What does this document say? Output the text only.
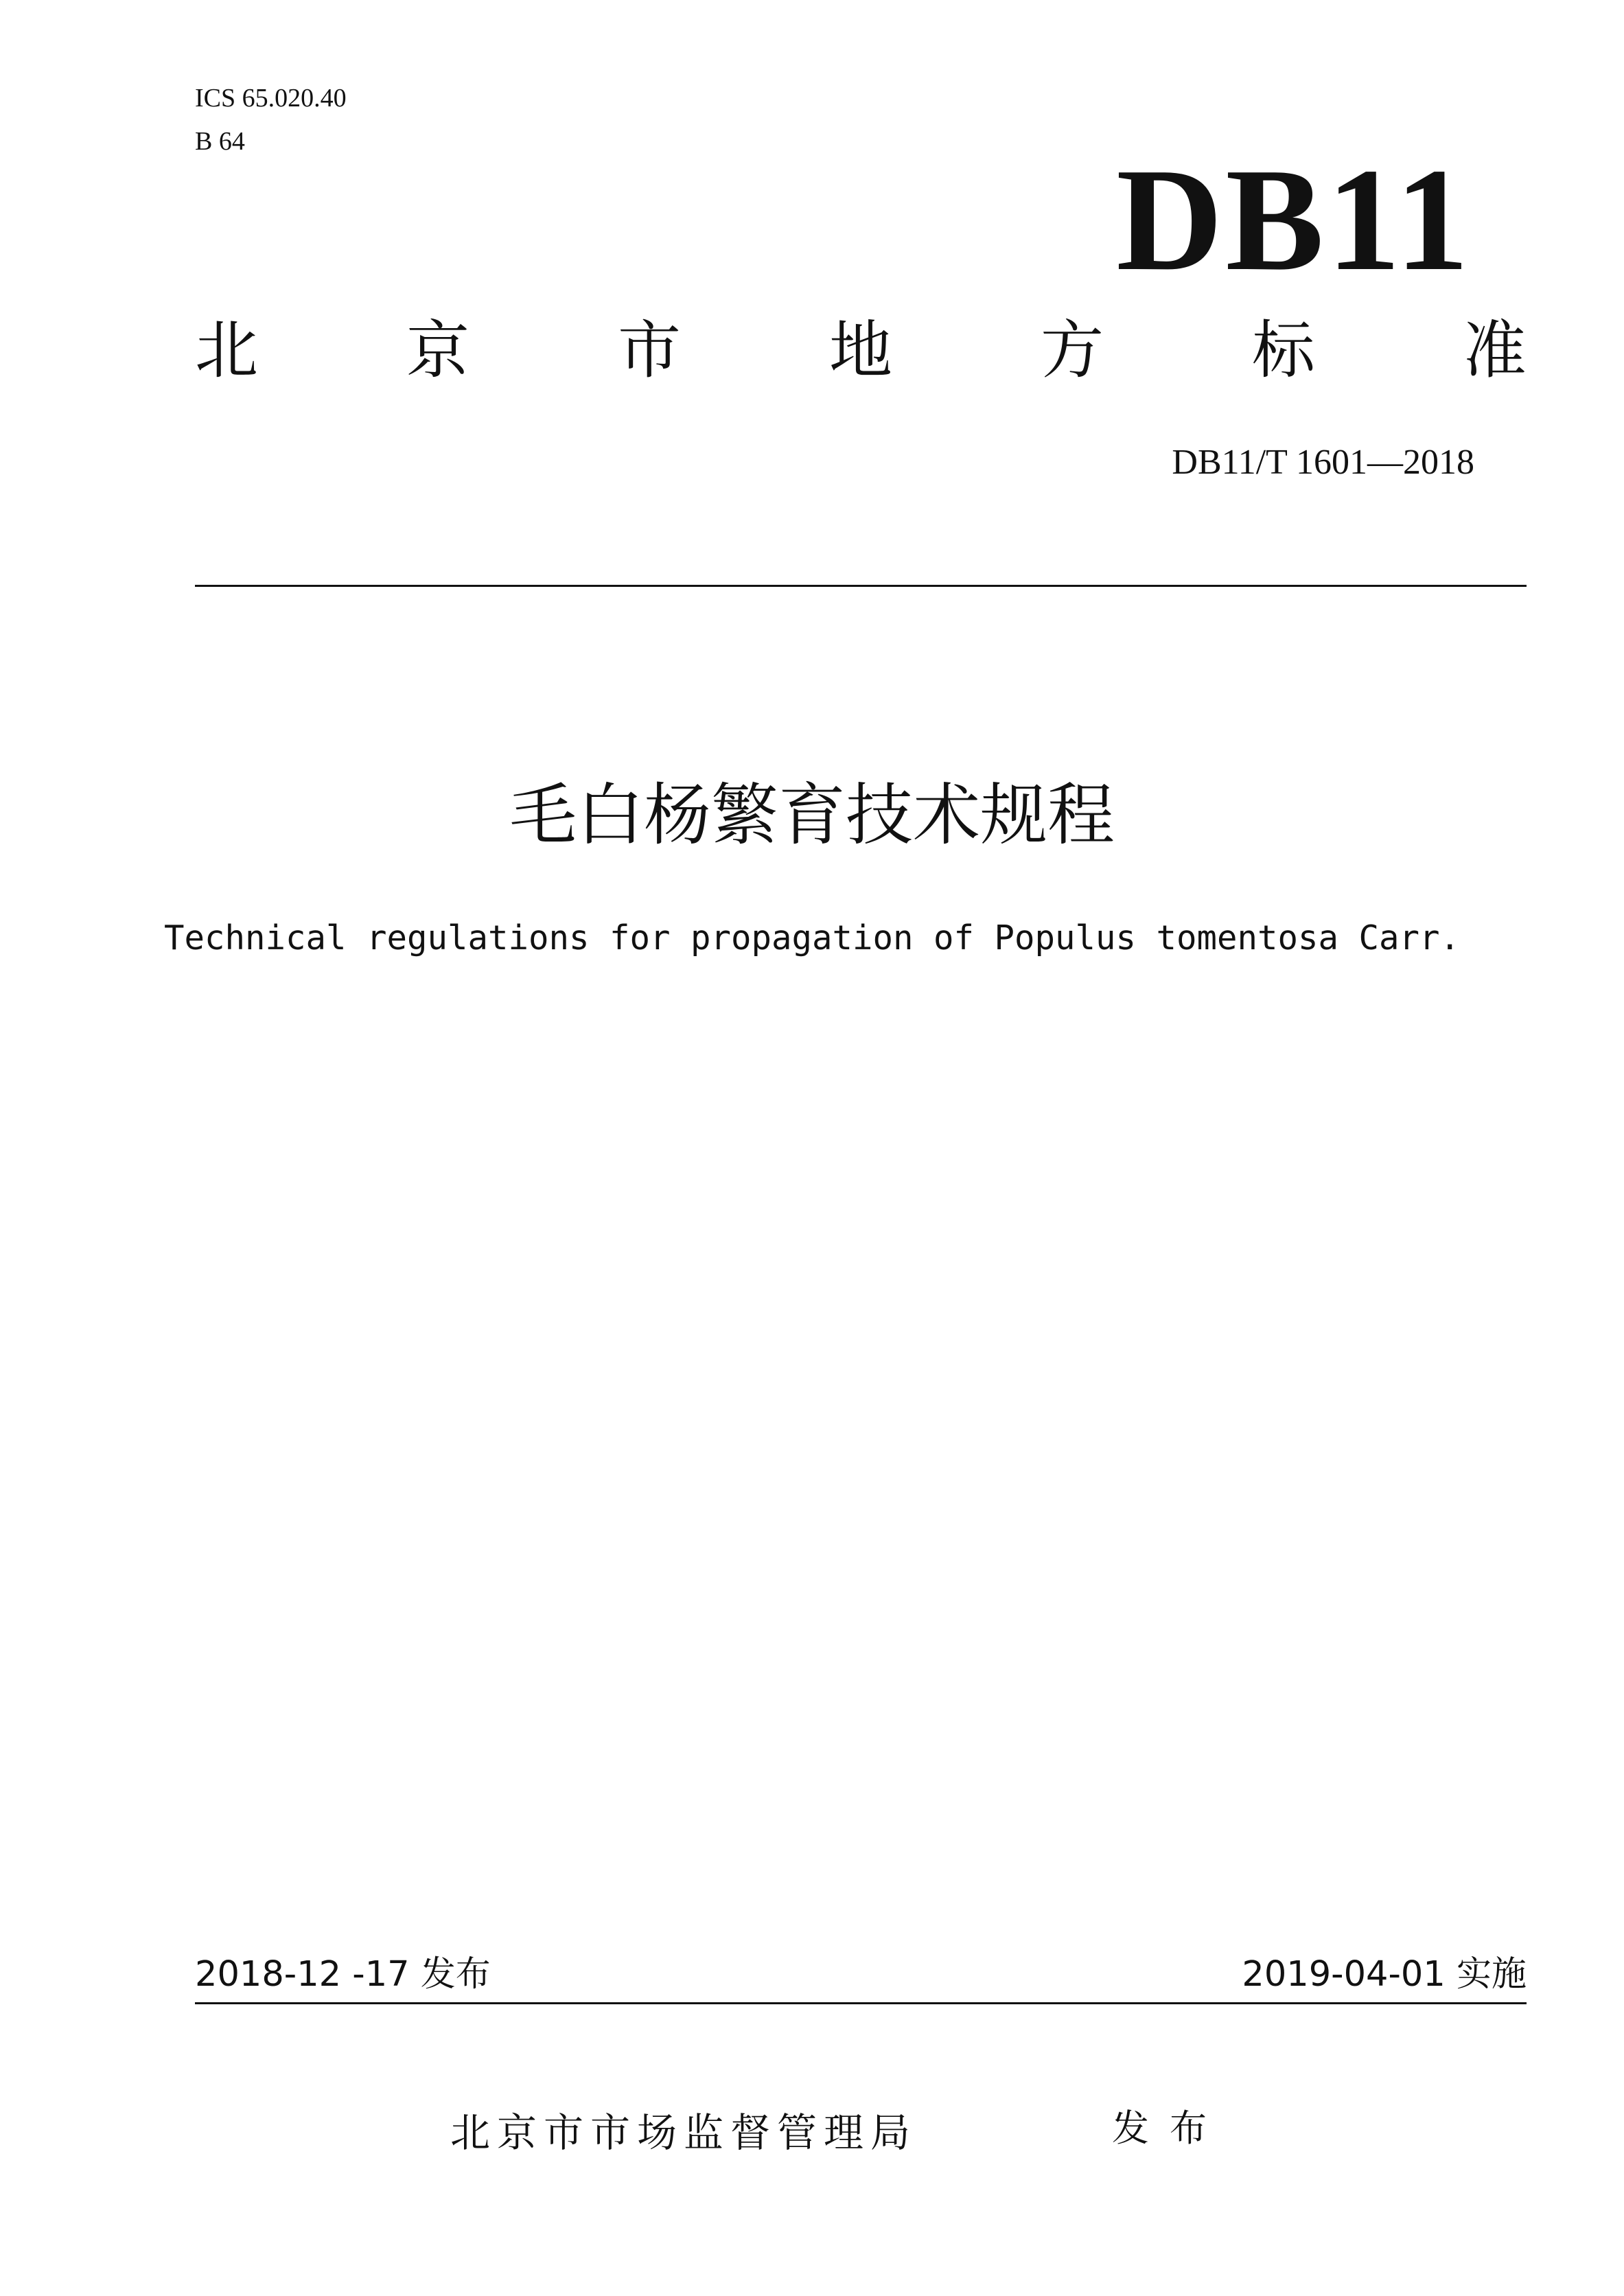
ICS 65.020.40
B 64	DB11
北 京 市 地 方 标 准
DB11/T 1601—2018
毛白杨繁育技术规程
Technical regulations for propagation of Populus tomentosa Carr.
2018-12 -17 发布	2019-04-01 实施
北京市市场监督管理局	发布
